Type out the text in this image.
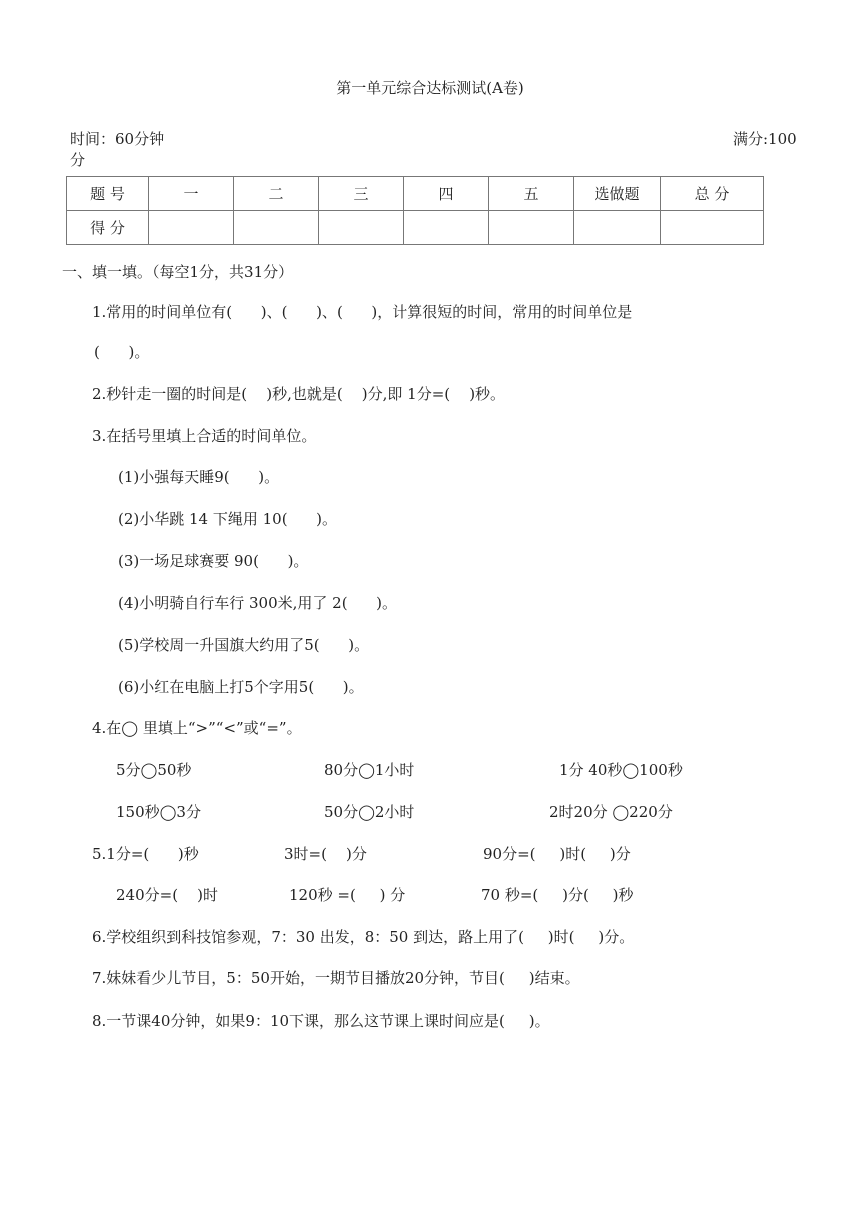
第一单元综合达标测试(A卷)
时间：60分钟	满分:100
分
题 号	一	二	三	四	五	选做题	总 分
得 分							
一、填一填。（每空1分，共31分）
1.常用的时间单位有(      )、(      )、(      )，计算很短的时间，常用的时间单位是
(      )。
2.秒针走一圈的时间是(    )秒,也就是(    )分,即 1分=(    )秒。
3.在括号里填上合适的时间单位。
(1)小强每天睡9(      )。
(2)小华跳 14 下绳用 10(      )。
(3)一场足球赛要 90(      )。
(4)小明骑自行车行 300米,用了 2(      )。
(5)学校周一升国旗大约用了5(      )。
(6)小红在电脑上打5个字用5(      )。
4.在◯ 里填上“>”“<”或“=”。
5分◯50秒	80分◯1小时	1分 40秒◯100秒
150秒◯3分	50分◯2小时	2时20分 ◯220分
5.1分=(      )秒	3时=(    )分	90分=(     )时(     )分
240分=(    )时	120秒 =(     ) 分	70 秒=(     )分(     )秒
6.学校组织到科技馆参观，7：30 出发，8：50 到达，路上用了(     )时(     )分。
7.妹妹看少儿节目，5：50开始，一期节目播放20分钟，节目(     )结束。
8.一节课40分钟，如果9：10下课，那么这节课上课时间应是(     )。
